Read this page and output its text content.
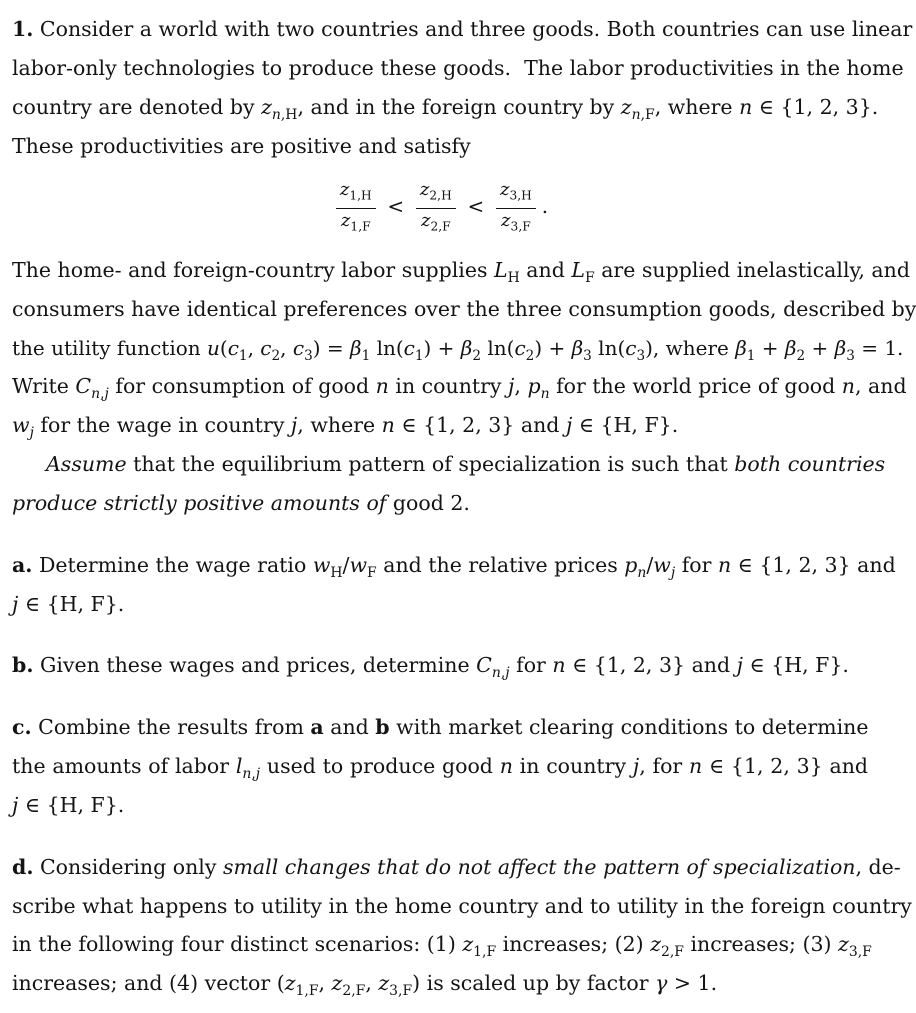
1. Consider a world with two countries and three goods. Both countries can use linear
labor-only technologies to produce these goods.  The labor productivities in the home
country are denoted by $z_{n,H}$, and in the foreign country by $z_{n,F}$, where n ∈ {1, 2, 3}.
These productivities are positive and satisfy
$\frac{z_{1,H}}{z_{1,F}} < \frac{z_{2,H}}{z_{2,F}} < \frac{z_{3,H}}{z_{3,F}}$ .
The home- and foreign-country labor supplies $L_H$ and $L_F$ are supplied inelastically, and
consumers have identical preferences over the three consumption goods, described by
the utility function $u(c_1$, $c_2$, $c_3) = \beta_1$ $\ln(c_1) + \beta_2$ $\ln(c_2) + \beta_3$ $\ln(c_3)$, where $\beta_1 + \beta_2 + \beta_3 = 1$.
Write $C_{n,j}$ for consumption of good n in country j, $p_n$ for the world price of good n, and
$w_j$ for the wage in country j, where n ∈ {1, 2, 3} and j ∈ {H, F}.
Assume that the equilibrium pattern of specialization is such that both countries
produce strictly positive amounts of good 2.
a. Determine the wage ratio $w_H/w_F$ and the relative prices $p_n/w_j$ for n ∈ {1, 2, 3} and
j ∈ {H, F}.
b. Given these wages and prices, determine $C_{n,j}$ for n ∈ {1, 2, 3} and j ∈ {H, F}.
c. Combine the results from a and b with market clearing conditions to determine
the amounts of labor $l_{n,j}$ used to produce good n in country j, for n ∈ {1, 2, 3} and
j ∈ {H, F}.
d. Considering only small changes that do not affect the pattern of specialization, de-
scribe what happens to utility in the home country and to utility in the foreign country
in the following four distinct scenarios: (1) $z_{1,F}$ increases; (2) $z_{2,F}$ increases; (3) $z_{3,F}$
increases; and (4) vector ($z_{1,F}$, $z_{2,F}$, $z_{3,F}$) is scaled up by factor γ > 1.
